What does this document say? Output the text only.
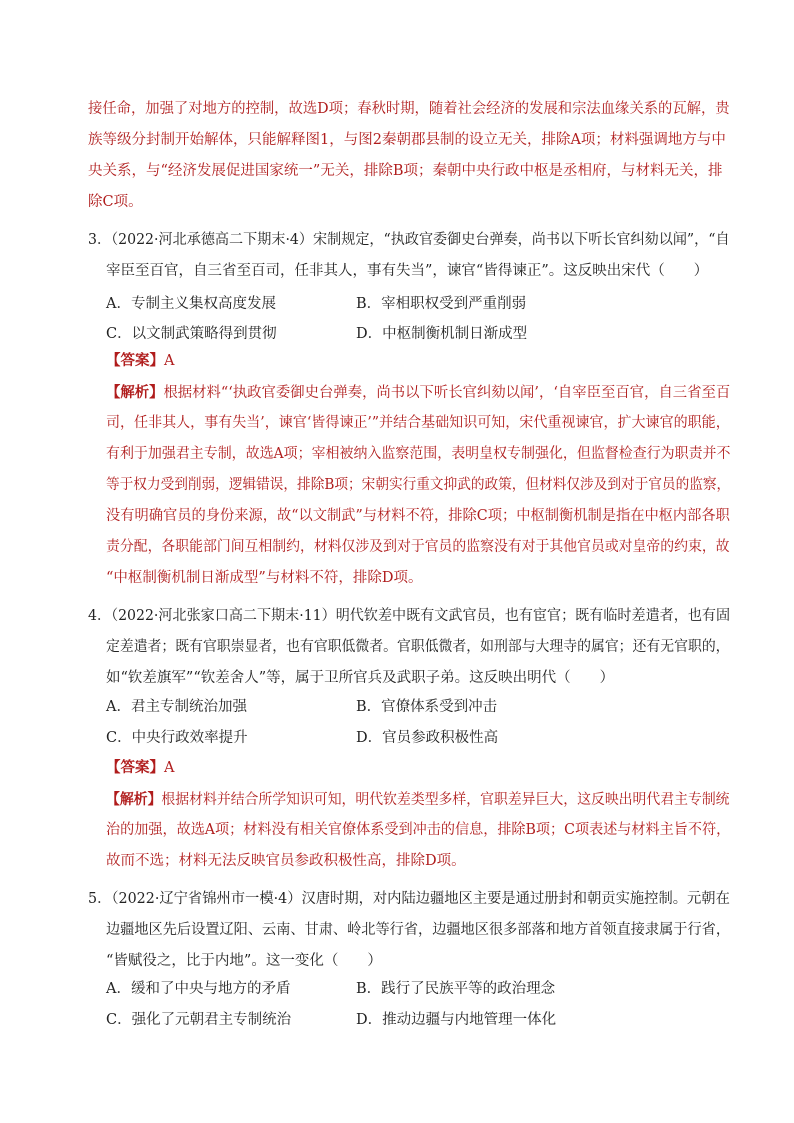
接任命，加强了对地方的控制，故选D项；春秋时期，随着社会经济的发展和宗法血缘关系的瓦解，贵
族等级分封制开始解体，只能解释图1，与图2秦朝郡县制的设立无关，排除A项；材料强调地方与中
央关系，与“经济发展促进国家统一”无关，排除B项；秦朝中央行政中枢是丞相府，与材料无关，排
除C项。
3．（2022·河北承德高二下期末·4）宋制规定，“执政官委御史台弹奏，尚书以下听长官纠劾以闻”，“自
宰臣至百官，自三省至百司，任非其人，事有失当”，谏官“皆得谏正”。这反映出宋代（　　）
A．专制主义集权高度发展	B．宰相职权受到严重削弱
C．以文制武策略得到贯彻	D．中枢制衡机制日渐成型
【答案】A
【解析】根据材料“‘执政官委御史台弹奏，尚书以下听长官纠劾以闻’，‘自宰臣至百官，自三省至百
司，任非其人，事有失当’，谏官‘皆得谏正’”并结合基础知识可知，宋代重视谏官，扩大谏官的职能，
有利于加强君主专制，故选A项；宰相被纳入监察范围，表明皇权专制强化，但监督检查行为职责并不
等于权力受到削弱，逻辑错误，排除B项；宋朝实行重文抑武的政策，但材料仅涉及到对于官员的监察，
没有明确官员的身份来源，故“以文制武”与材料不符，排除C项；中枢制衡机制是指在中枢内部各职
责分配，各职能部门间互相制约，材料仅涉及到对于官员的监察没有对于其他官员或对皇帝的约束，故
“中枢制衡机制日渐成型”与材料不符，排除D项。
4．（2022·河北张家口高二下期末·11）明代钦差中既有文武官员，也有宦官；既有临时差遣者，也有固
定差遣者；既有官职崇显者，也有官职低微者。官职低微者，如刑部与大理寺的属官；还有无官职的，
如“钦差旗军”“钦差舍人”等，属于卫所官兵及武职子弟。这反映出明代（　　）
A．君主专制统治加强	B．官僚体系受到冲击
C．中央行政效率提升	D．官员参政积极性高
【答案】A
【解析】根据材料并结合所学知识可知，明代钦差类型多样，官职差异巨大，这反映出明代君主专制统
治的加强，故选A项；材料没有相关官僚体系受到冲击的信息，排除B项；C项表述与材料主旨不符，
故而不选；材料无法反映官员参政积极性高，排除D项。
5．（2022·辽宁省锦州市一模·4）汉唐时期，对内陆边疆地区主要是通过册封和朝贡实施控制。元朝在
边疆地区先后设置辽阳、云南、甘肃、岭北等行省，边疆地区很多部落和地方首领直接隶属于行省，
“皆赋役之，比于内地”。这一变化（　　）
A．缓和了中央与地方的矛盾	B．践行了民族平等的政治理念
C．强化了元朝君主专制统治	D．推动边疆与内地管理一体化
